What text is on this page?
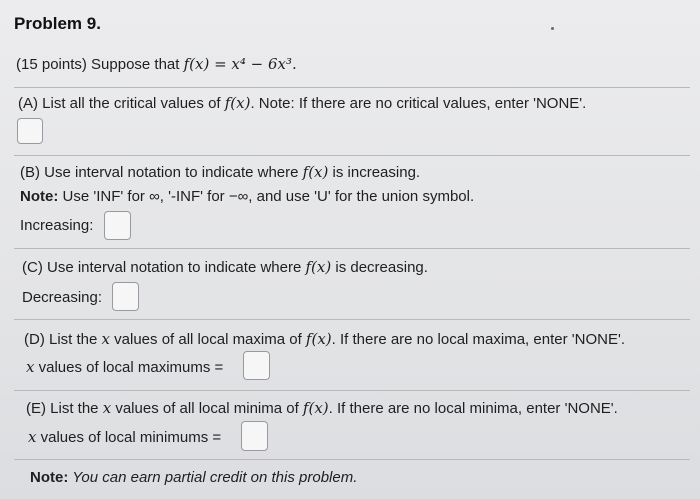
Problem 9.
(15 points) Suppose that f(x) = x⁴ − 6x³.
(A) List all the critical values of f(x). Note: If there are no critical values, enter 'NONE'.
(B) Use interval notation to indicate where f(x) is increasing.
Note: Use 'INF' for ∞, '-INF' for −∞, and use 'U' for the union symbol.
Increasing:
(C) Use interval notation to indicate where f(x) is decreasing.
Decreasing:
(D) List the x values of all local maxima of f(x). If there are no local maxima, enter 'NONE'.
x values of local maximums =
(E) List the x values of all local minima of f(x). If there are no local minima, enter 'NONE'.
x values of local minimums =
Note: You can earn partial credit on this problem.
